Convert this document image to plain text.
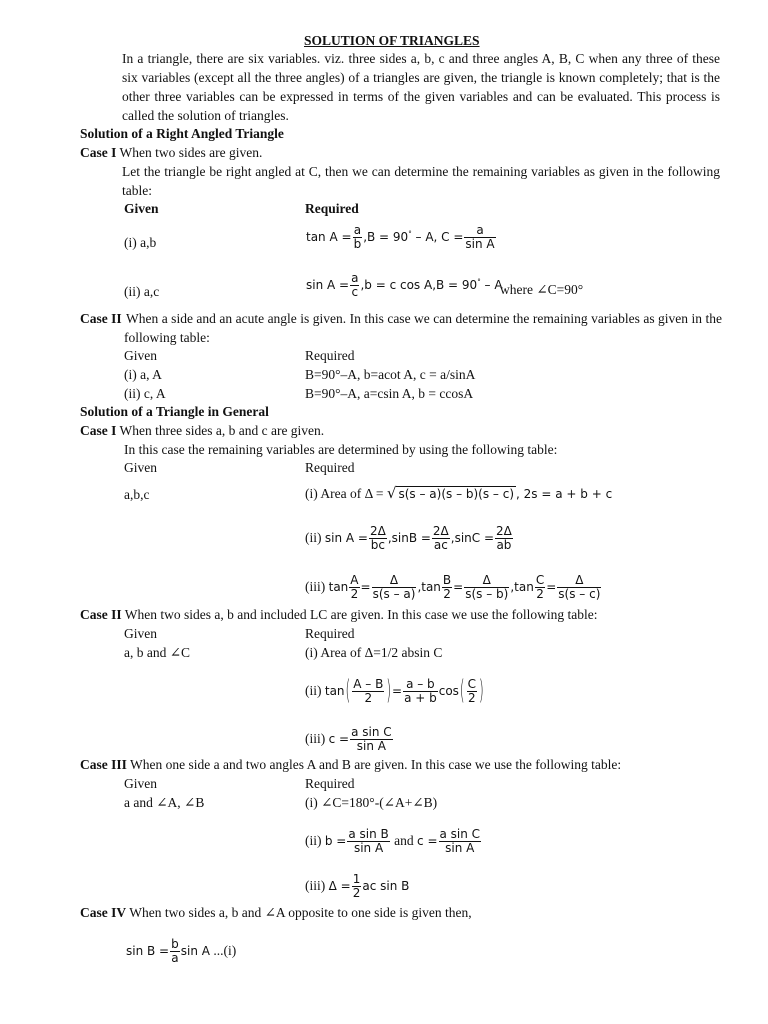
SOLUTION OF TRIANGLES
In a triangle, there are six variables. viz. three sides a, b, c and three angles A, B, C when any three of these six variables (except all the three angles) of a triangles are given, the triangle is known completely; that is the other three variables can be expressed in terms of the given variables and can be evaluated. This process is called the solution of triangles.
Solution of a Right Angled Triangle
Case I When two sides are given.
Let the triangle be right angled at C, then we can determine the remaining variables as given in the following table:
Given	Required
(i) a,b	$\tan A = \frac{a}{b} ,B = 90^\circ - A$, $C = \frac{a}{\text{sin A}}$
(ii) a,c	$\sin A = \frac{a}{c} ,b = c$ cos A,B = 90° – A
where ∠C=90°
Case II When a side and an acute angle is given. In this case we can determine the remaining variables as given in the following table:
Given	Required
(i) a, A	B=90°–A, b=acot A, c = a/sinA
(ii) c, A	B=90°–A, a=csin A, b = ccosA
Solution of a Triangle in General
Case I When three sides a, b and c are given.
In this case the remaining variables are determined by using the following table:
Given	Required
a,b,c	(i) Area of Δ = √ s(s – a)(s – b)(s – c) , 2s = a + b + c
(ii) $\sin A = \frac{2\Delta}{bc} ,\sin B = \frac{2\Delta}{ac} ,\sin C = \frac{2\Delta}{ab}$
(iii) $\tan \frac{A}{2} = \frac{\Delta}{s(s - a)} ,\tan \frac{B}{2} = \frac{\Delta}{s(s - b)} ,\tan \frac{C}{2} = \frac{\Delta}{s(s - c)}$
Case II When two sides a, b and included LC are given. In this case we use the following table:
Given	Required
a, b and ∠C	(i) Area of Δ=1/2 absin C
(ii) $\tan( \frac{A - B}{2}$ )= $\frac{a - b}{a + b} \cos( \frac{C}{2}$ )
(iii) $c = \frac{\text{a sin C}}{\text{sin A}}$
Case III When one side a and two angles A and B are given. In this case we use the following table:
Given	Required
a and ∠A, ∠B	(i) ∠C=180°-(∠A+∠B)
(ii) $b = \frac{\text{a sin B}}{\text{sin A}}$ and $c = \frac{\text{a sin C}}{\text{sin A}}$
(iii) $\Delta = \frac{1}{2}$ ac sin B
Case IV When two sides a, b and ∠A opposite to one side is given then,
$\sin B = \frac{b}{a}$ sin A ...(i)
